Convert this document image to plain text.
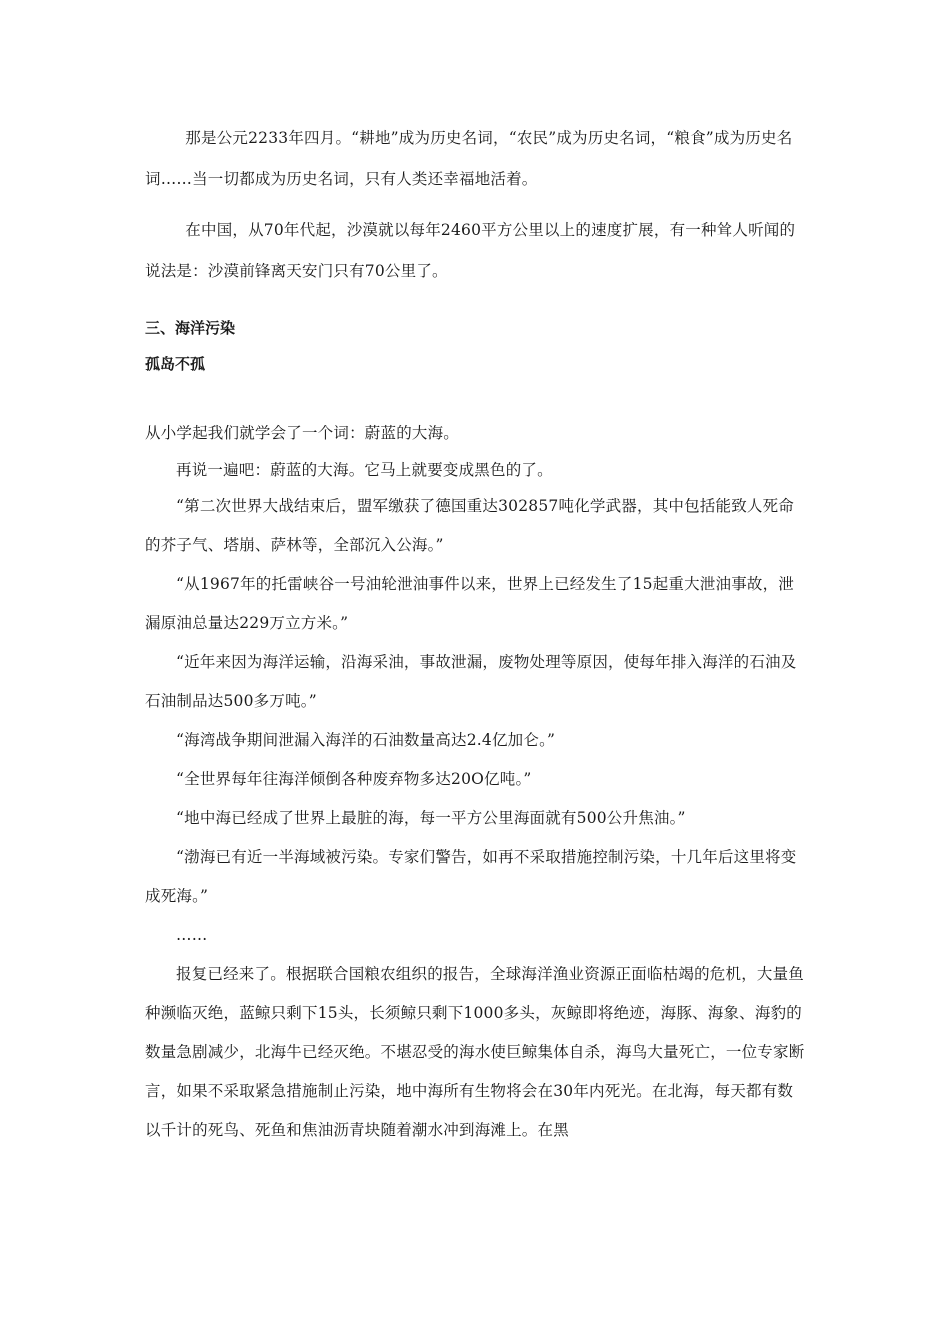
那是公元2233年四月。“耕地”成为历史名词，“农民”成为历史名词，“粮食”成为历史名词……当一切都成为历史名词，只有人类还幸福地活着。

在中国，从70年代起，沙漠就以每年2460平方公里以上的速度扩展，有一种耸人听闻的说法是：沙漠前锋离天安门只有70公里了。

三、海洋污染

孤岛不孤

从小学起我们就学会了一个词：蔚蓝的大海。

再说一遍吧：蔚蓝的大海。它马上就要变成黑色的了。

“第二次世界大战结束后，盟军缴获了德国重达302857吨化学武器，其中包括能致人死命的芥子气、塔崩、萨林等，全部沉入公海。”

“从1967年的托雷峡谷一号油轮泄油事件以来，世界上已经发生了15起重大泄油事故，泄漏原油总量达229万立方米。”

“近年来因为海洋运输，沿海采油，事故泄漏，废物处理等原因，使每年排入海洋的石油及石油制品达500多万吨。”

“海湾战争期间泄漏入海洋的石油数量高达2.4亿加仑。”

“全世界每年往海洋倾倒各种废弃物多达20O亿吨。”

“地中海已经成了世界上最脏的海，每一平方公里海面就有500公升焦油。”

“渤海已有近一半海域被污染。专家们警告，如再不采取措施控制污染，十几年后这里将变成死海。”

……

报复已经来了。根据联合国粮农组织的报告，全球海洋渔业资源正面临枯竭的危机，大量鱼种濒临灭绝，蓝鲸只剩下15头，长须鲸只剩下1000多头，灰鲸即将绝迹，海豚、海象、海豹的数量急剧减少，北海牛已经灭绝。不堪忍受的海水使巨鲸集体自杀，海鸟大量死亡，一位专家断言，如果不采取紧急措施制止污染，地中海所有生物将会在30年内死光。在北海，每天都有数以千计的死鸟、死鱼和焦油沥青块随着潮水冲到海滩上。在黑
